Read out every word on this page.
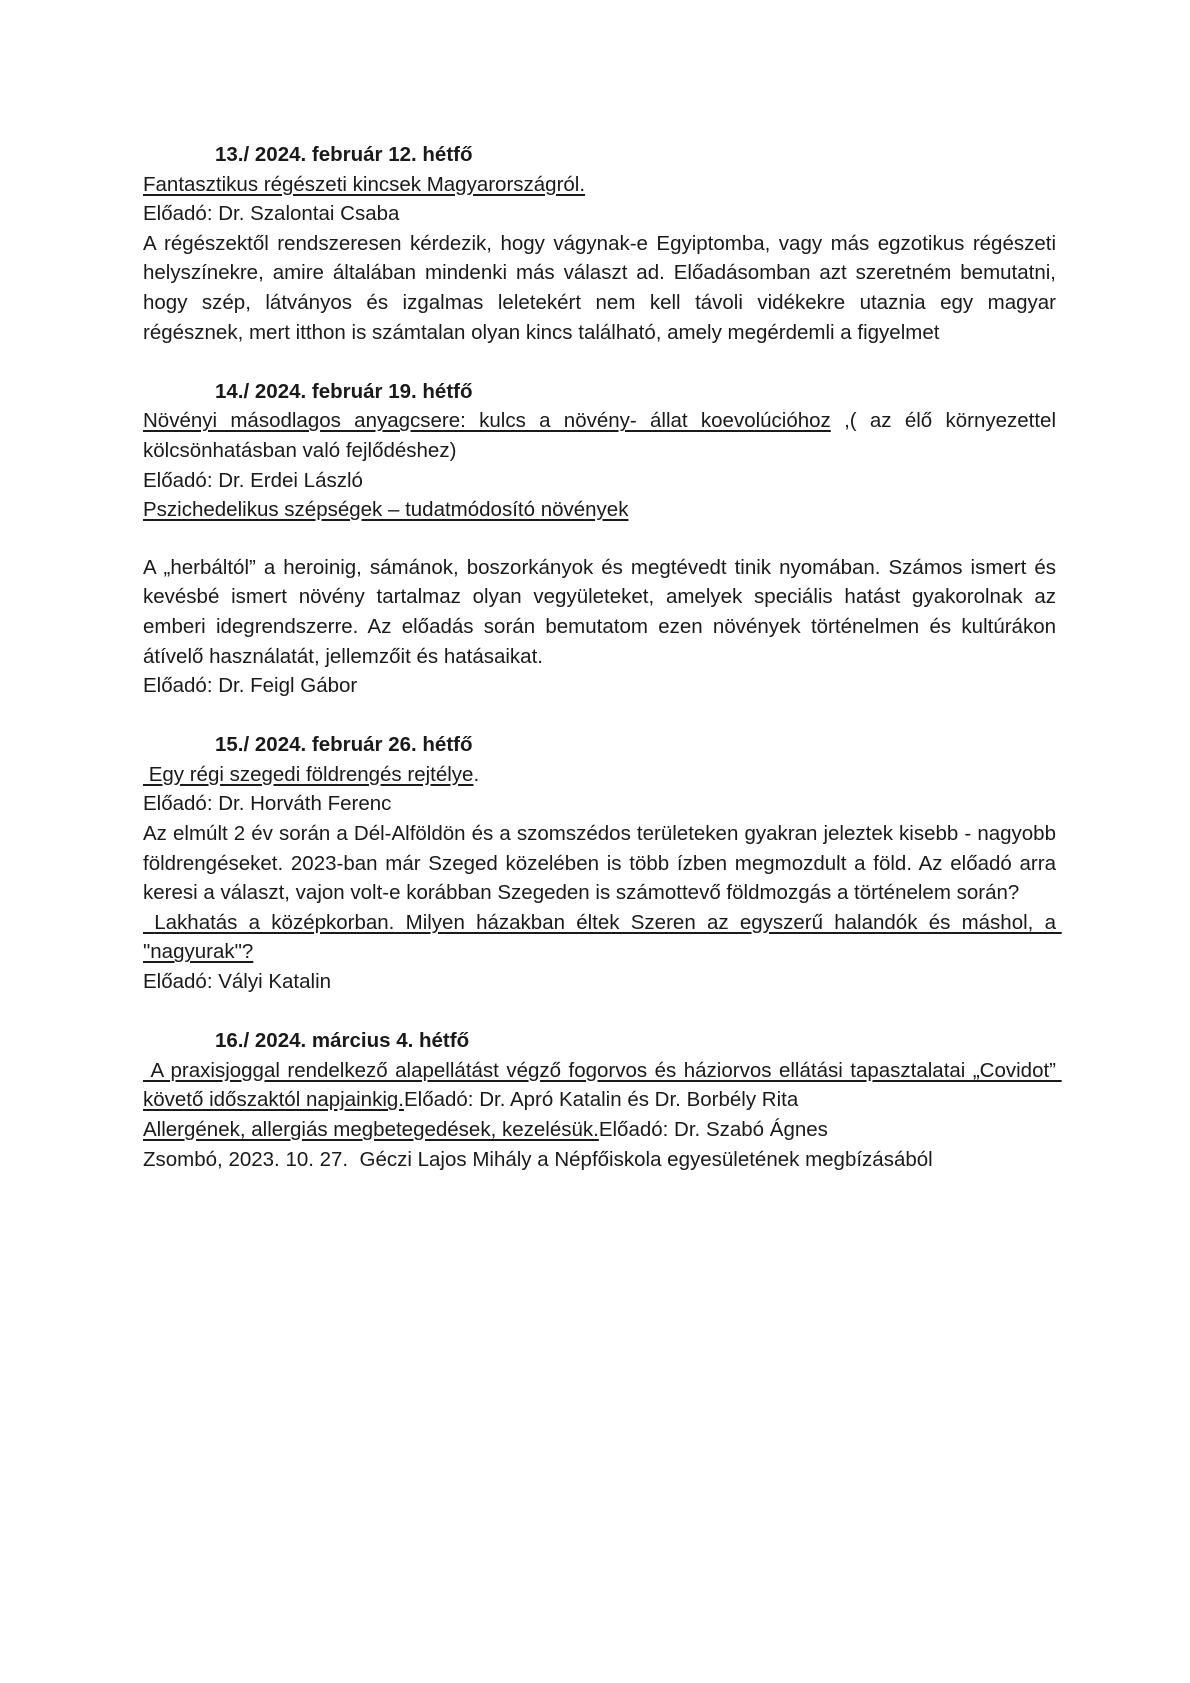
13./ 2024. február 12. hétfő
Fantasztikus régészeti kincsek Magyarországról.
Előadó: Dr. Szalontai Csaba
A régészektől rendszeresen kérdezik, hogy vágynak-e Egyiptomba, vagy más egzotikus régészeti helyszínekre, amire általában mindenki más választ ad. Előadásomban azt szeretném bemutatni, hogy szép, látványos és izgalmas leletekért nem kell távoli vidékekre utaznia egy magyar régésznek, mert itthon is számtalan olyan kincs található, amely megérdemli a figyelmet
14./ 2024. február 19. hétfő
Növényi másodlagos anyagcsere: kulcs a növény- állat koevolúcióhoz ,( az élő környezettel kölcsönhatásban való fejlődéshez)
Előadó: Dr. Erdei László
Pszichedelikus szépségek – tudatmódosító növények
A „herbáltól” a heroinig, sámánok, boszorkányok és megtévedt tinik nyomában. Számos ismert és kevésbé ismert növény tartalmaz olyan vegyületeket, amelyek speciális hatást gyakorolnak az emberi idegrendszerre. Az előadás során bemutatom ezen növények történelmen és kultúrákon átívelő használatát, jellemzőit és hatásaikat.
Előadó: Dr. Feigl Gábor
15./ 2024. február 26. hétfő
Egy régi szegedi földrengés rejtélye.
Előadó: Dr. Horváth Ferenc
Az elmúlt 2 év során a Dél-Alföldön és a szomszédos területeken gyakran jeleztek kisebb - nagyobb földrengéseket. 2023-ban már Szeged közelében is több ízben megmozdult a föld. Az előadó arra keresi a választ, vajon volt-e korábban Szegeden is számottevő földmozgás a történelem során?
Lakhatás a középkorban. Milyen házakban éltek Szeren az egyszerű halandók és máshol, a "nagyurak"?
Előadó: Vályi Katalin
16./ 2024. március 4. hétfő
A praxisjoggal rendelkező alapellátást végző fogorvos és háziorvos ellátási tapasztalatai „Covidot” követő időszaktól napjainkig.Előadó: Dr. Apró Katalin és Dr. Borbély Rita
Allergének, allergiás megbetegedések, kezelésük.Előadó: Dr. Szabó Ágnes
Zsombó, 2023. 10. 27.  Géczi Lajos Mihály a Népfőiskola egyesületének megbízásából
